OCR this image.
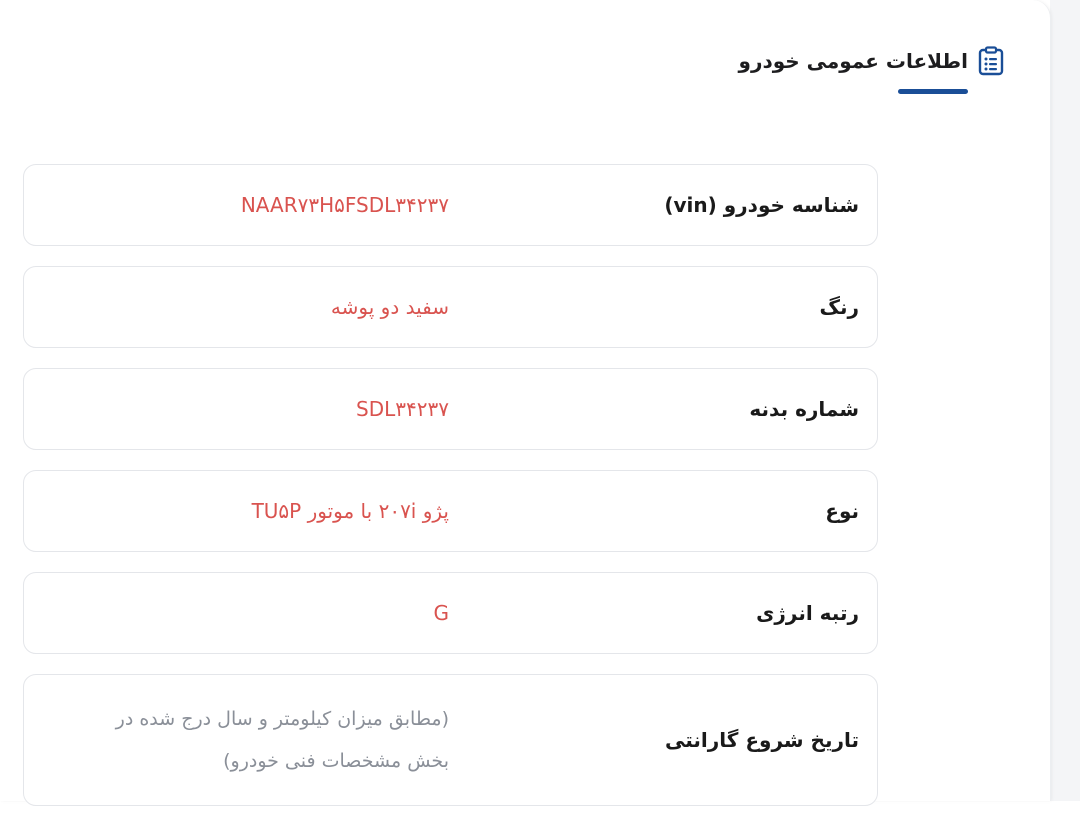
اطلاعات عمومی خودرو
شناسه خودرو (vin)
NAAR۷۳H۵FSDL۳۴۲۳۷
رنگ
سفید دو پوشه
شماره بدنه
SDL۳۴۲۳۷
نوع
پژو ۲۰۷i با موتور TU۵P
رتبه انرژی
G
تاریخ شروع گارانتی
(مطابق میزان کیلومتر و سال درج شده در بخش مشخصات فنی خودرو)
